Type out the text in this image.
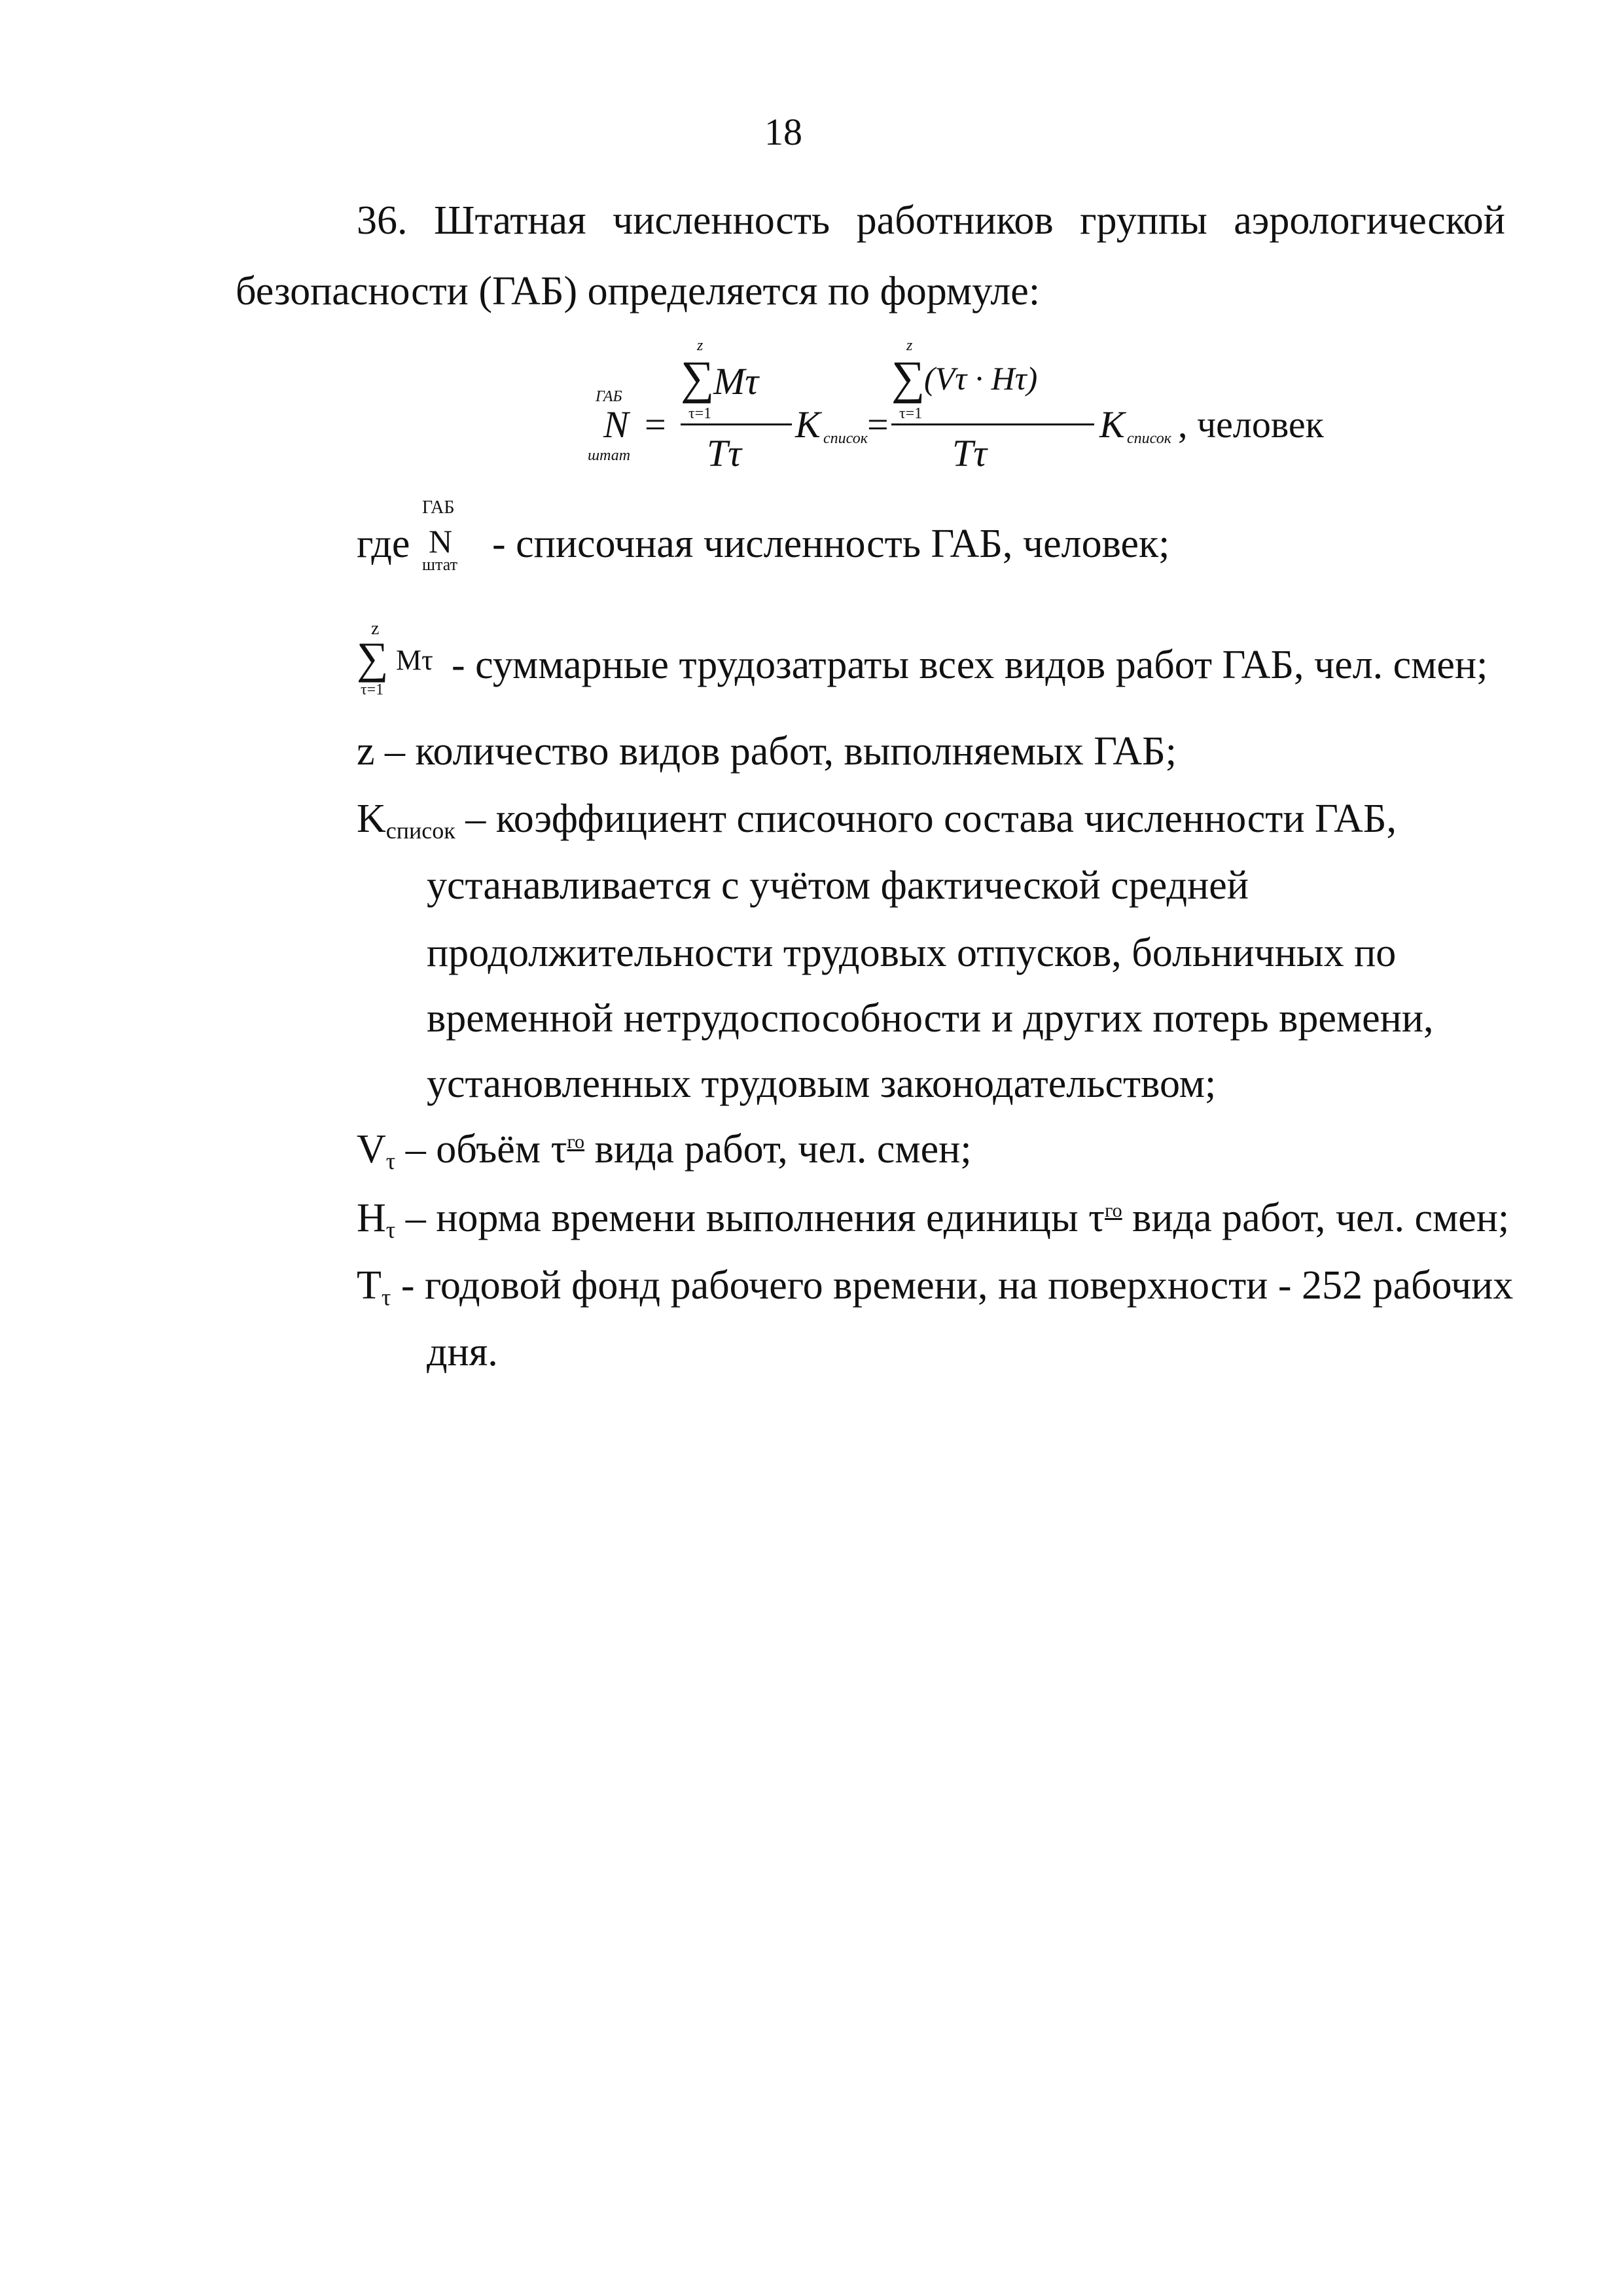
18
36. Штатная численность работников группы аэрологической
безопасности (ГАБ) определяется по формуле:
ГАБ
N
штат
=
z
∑
Mτ
τ=1
Tτ
K список =
z
∑
(Vτ · Hτ)
τ=1
Tτ
K список , человек
где
ГАБ
N
штат - списочная численность ГАБ, человек;
z
∑ Mτ
τ=1
- суммарные трудозатраты всех видов работ ГАБ, чел. смен;
z – количество видов работ, выполняемых ГАБ;
Kсписок – коэффициент списочного состава численности ГАБ,
устанавливается с учётом фактической средней
продолжительности трудовых отпусков, больничных по
временной нетрудоспособности и других потерь времени,
установленных трудовым законодательством;
Vτ – объём $\tau^{го}$ вида работ, чел. смен;
Hτ – норма времени выполнения единицы $\tau^{го}$ вида работ, чел. смен;
Tτ - годовой фонд рабочего времени, на поверхности - 252 рабочих
дня.
